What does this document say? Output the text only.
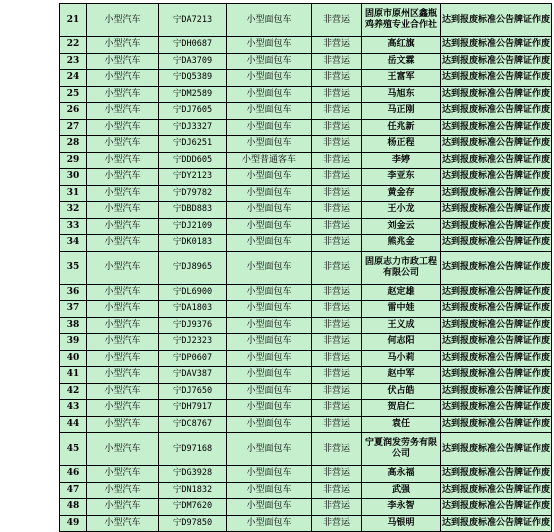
21	小型汽车	宁DA7213	小型面包车	非营运	固原市原州区鑫瓶鸡养殖专业合作社	达到报废标准公告牌证作废
22	小型汽车	宁DH0687	小型面包车	非营运	高红旗	达到报废标准公告牌证作废
23	小型汽车	宁DA3709	小型面包车	非营运	岳文霖	达到报废标准公告牌证作废
24	小型汽车	宁DQ5389	小型面包车	非营运	王富军	达到报废标准公告牌证作废
25	小型汽车	宁DM2589	小型面包车	非营运	马旭东	达到报废标准公告牌证作废
26	小型汽车	宁DJ7605	小型面包车	非营运	马正刚	达到报废标准公告牌证作废
27	小型汽车	宁DJ3327	小型面包车	非营运	任兆新	达到报废标准公告牌证作废
28	小型汽车	宁DJ6251	小型面包车	非营运	杨正程	达到报废标准公告牌证作废
29	小型汽车	宁DDD605	小型普通客车	非营运	李婷	达到报废标准公告牌证作废
30	小型汽车	宁DY2123	小型面包车	非营运	李亚东	达到报废标准公告牌证作废
31	小型汽车	宁D79782	小型面包车	非营运	黄金存	达到报废标准公告牌证作废
32	小型汽车	宁DBD883	小型面包车	非营运	王小龙	达到报废标准公告牌证作废
33	小型汽车	宁DJ2109	小型面包车	非营运	刘金云	达到报废标准公告牌证作废
34	小型汽车	宁DK0183	小型面包车	非营运	熊兆金	达到报废标准公告牌证作废
35	小型汽车	宁DJ8965	小型面包车	非营运	固原志力市政工程有限公司	达到报废标准公告牌证作废
36	小型汽车	宁DL6900	小型面包车	非营运	赵定雄	达到报废标准公告牌证作废
37	小型汽车	宁DA1803	小型面包车	非营运	雷中娃	达到报废标准公告牌证作废
38	小型汽车	宁DJ9376	小型面包车	非营运	王义成	达到报废标准公告牌证作废
39	小型汽车	宁DJ2323	小型面包车	非营运	何志阳	达到报废标准公告牌证作废
40	小型汽车	宁DP0607	小型面包车	非营运	马小莉	达到报废标准公告牌证作废
41	小型汽车	宁DAV387	小型面包车	非营运	赵中军	达到报废标准公告牌证作废
42	小型汽车	宁DJ7650	小型面包车	非营运	伏占皓	达到报废标准公告牌证作废
43	小型汽车	宁DH7917	小型面包车	非营运	贺启仁	达到报废标准公告牌证作废
44	小型汽车	宁DC8767	小型面包车	非营运	袁任	达到报废标准公告牌证作废
45	小型汽车	宁D97168	小型面包车	非营运	宁夏润发劳务有限公司	达到报废标准公告牌证作废
46	小型汽车	宁DG3928	小型面包车	非营运	高永福	达到报废标准公告牌证作废
47	小型汽车	宁DN1832	小型面包车	非营运	武强	达到报废标准公告牌证作废
48	小型汽车	宁DM7620	小型面包车	非营运	李永智	达到报废标准公告牌证作废
49	小型汽车	宁D97850	小型面包车	非营运	马银明	达到报废标准公告牌证作废
